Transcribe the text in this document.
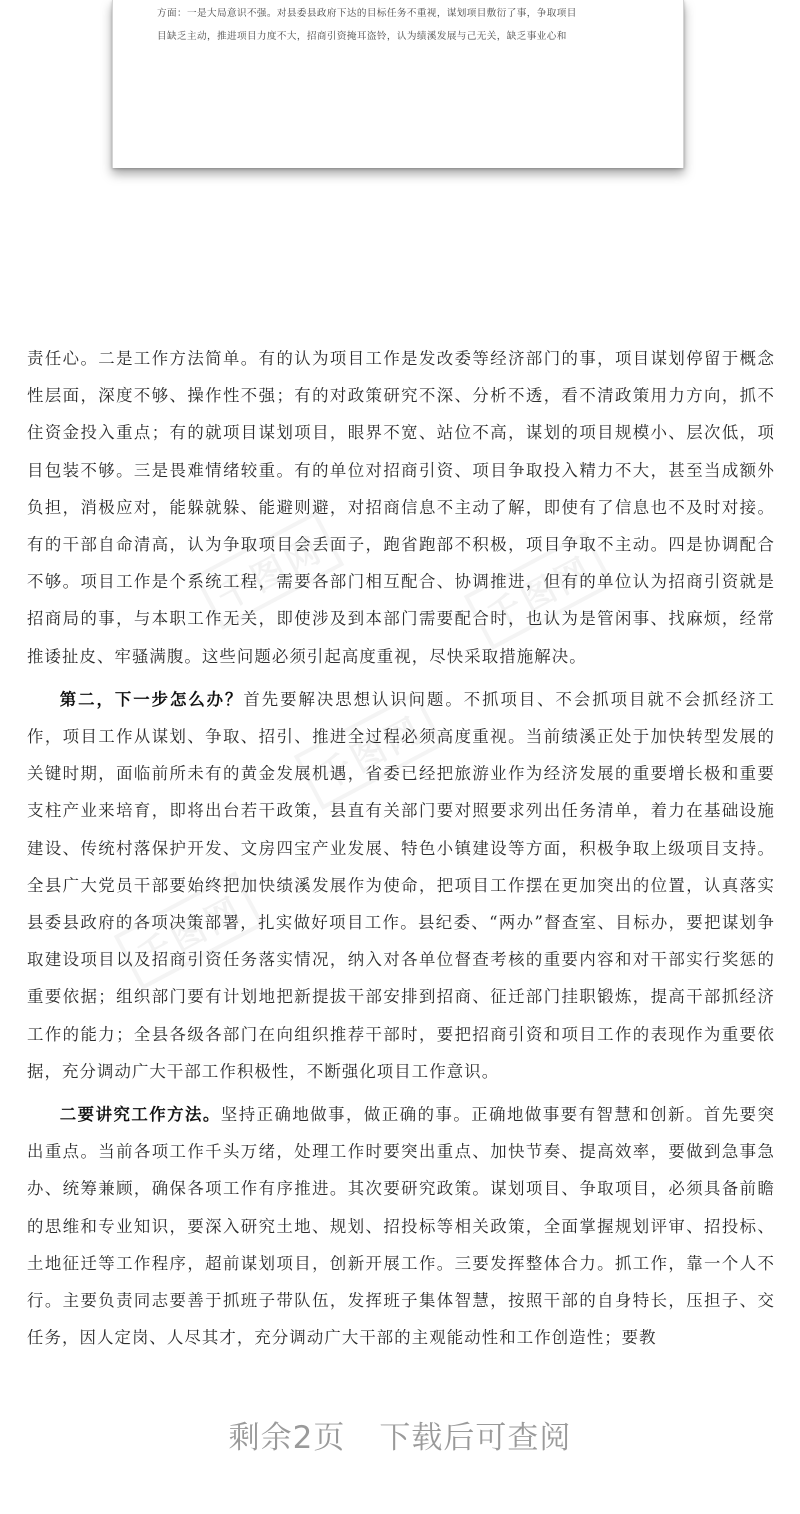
方面：一是大局意识不强。对县委县政府下达的目标任务不重视，谋划项目敷衍了事，争取项目

目缺乏主动，推进项目力度不大，招商引资掩耳盗铃，认为绩溪发展与己无关，缺乏事业心和

千图网	千图网
千图网
千图网

责任心。二是工作方法简单。有的认为项目工作是发改委等经济部门的事，项目谋划停留于概念性层面，深度不够、操作性不强；有的对政策研究不深、分析不透，看不清政策用力方向，抓不住资金投入重点；有的就项目谋划项目，眼界不宽、站位不高，谋划的项目规模小、层次低，项目包装不够。三是畏难情绪较重。有的单位对招商引资、项目争取投入精力不大，甚至当成额外负担，消极应对，能躲就躲、能避则避，对招商信息不主动了解，即使有了信息也不及时对接。有的干部自命清高，认为争取项目会丢面子，跑省跑部不积极，项目争取不主动。四是协调配合不够。项目工作是个系统工程，需要各部门相互配合、协调推进，但有的单位认为招商引资就是招商局的事，与本职工作无关，即使涉及到本部门需要配合时，也认为是管闲事、找麻烦，经常推诿扯皮、牢骚满腹。这些问题必须引起高度重视，尽快采取措施解决。

第二，下一步怎么办？首先要解决思想认识问题。不抓项目、不会抓项目就不会抓经济工作，项目工作从谋划、争取、招引、推进全过程必须高度重视。当前绩溪正处于加快转型发展的关键时期，面临前所未有的黄金发展机遇，省委已经把旅游业作为经济发展的重要增长极和重要支柱产业来培育，即将出台若干政策，县直有关部门要对照要求列出任务清单，着力在基础设施建设、传统村落保护开发、文房四宝产业发展、特色小镇建设等方面，积极争取上级项目支持。全县广大党员干部要始终把加快绩溪发展作为使命，把项目工作摆在更加突出的位置，认真落实县委县政府的各项决策部署，扎实做好项目工作。县纪委、“两办”督查室、目标办，要把谋划争取建设项目以及招商引资任务落实情况，纳入对各单位督查考核的重要内容和对干部实行奖惩的重要依据；组织部门要有计划地把新提拔干部安排到招商、征迁部门挂职锻炼，提高干部抓经济工作的能力；全县各级各部门在向组织推荐干部时，要把招商引资和项目工作的表现作为重要依据，充分调动广大干部工作积极性，不断强化项目工作意识。

二要讲究工作方法。坚持正确地做事，做正确的事。正确地做事要有智慧和创新。首先要突出重点。当前各项工作千头万绪，处理工作时要突出重点、加快节奏、提高效率，要做到急事急办、统筹兼顾，确保各项工作有序推进。其次要研究政策。谋划项目、争取项目，必须具备前瞻的思维和专业知识，要深入研究土地、规划、招投标等相关政策，全面掌握规划评审、招投标、土地征迁等工作程序，超前谋划项目，创新开展工作。三要发挥整体合力。抓工作，靠一个人不行。主要负责同志要善于抓班子带队伍，发挥班子集体智慧，按照干部的自身特长，压担子、交任务，因人定岗、人尽其才，充分调动广大干部的主观能动性和工作创造性；要教

剩余2页 下载后可查阅
